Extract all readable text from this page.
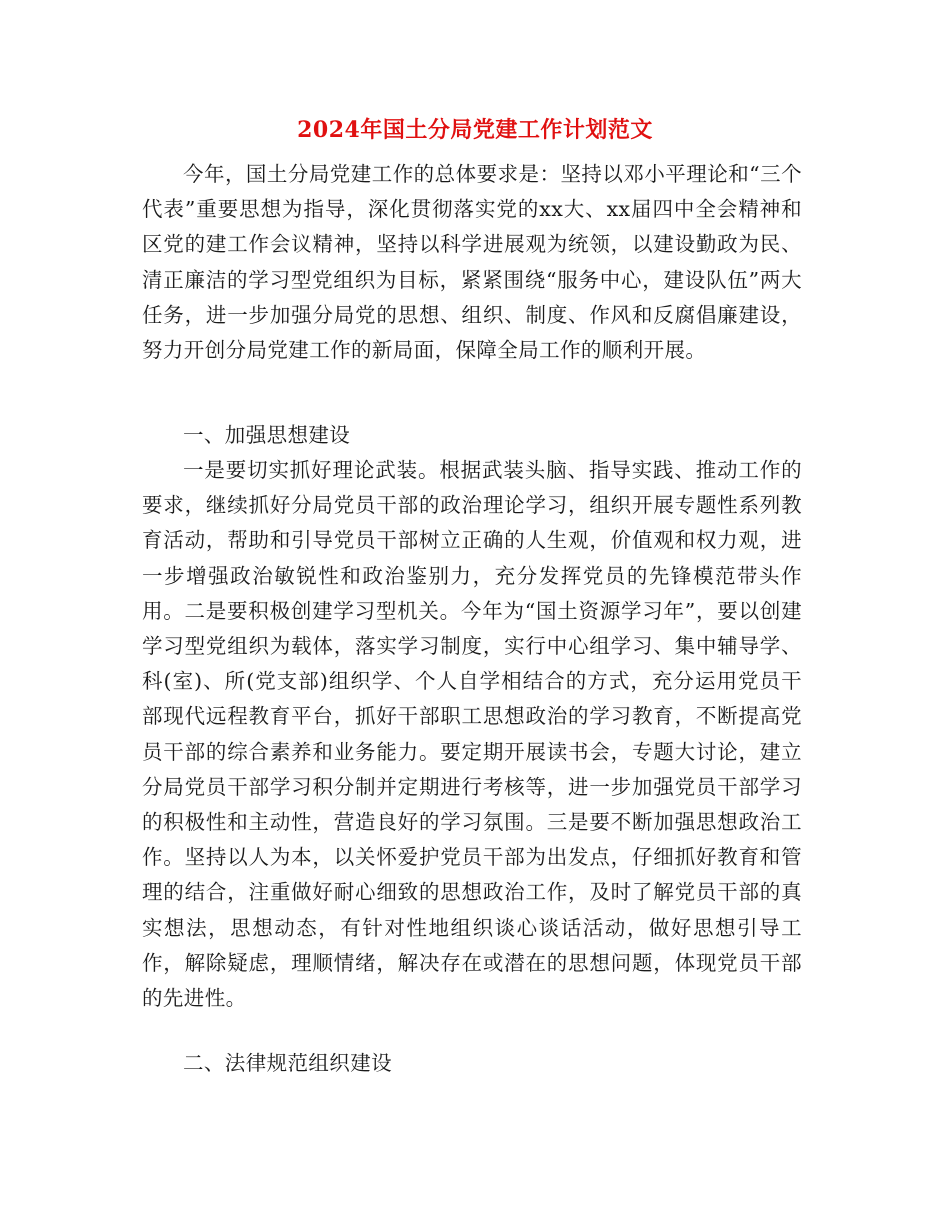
2024年国土分局党建工作计划范文

今年，国土分局党建工作的总体要求是：坚持以邓小平理论和“三个代表”重要思想为指导，深化贯彻落实党的xx大、xx届四中全会精神和区党的建工作会议精神，坚持以科学进展观为统领，以建设勤政为民、清正廉洁的学习型党组织为目标，紧紧围绕“服务中心，建设队伍”两大任务，进一步加强分局党的思想、组织、制度、作风和反腐倡廉建设，努力开创分局党建工作的新局面，保障全局工作的顺利开展。

一、加强思想建设

一是要切实抓好理论武装。根据武装头脑、指导实践、推动工作的要求，继续抓好分局党员干部的政治理论学习，组织开展专题性系列教育活动，帮助和引导党员干部树立正确的人生观，价值观和权力观，进一步增强政治敏锐性和政治鉴别力，充分发挥党员的先锋模范带头作用。二是要积极创建学习型机关。今年为“国土资源学习年”，要以创建学习型党组织为载体，落实学习制度，实行中心组学习、集中辅导学、科(室)、所(党支部)组织学、个人自学相结合的方式，充分运用党员干部现代远程教育平台，抓好干部职工思想政治的学习教育，不断提高党员干部的综合素养和业务能力。要定期开展读书会，专题大讨论，建立分局党员干部学习积分制并定期进行考核等，进一步加强党员干部学习的积极性和主动性，营造良好的学习氛围。三是要不断加强思想政治工作。坚持以人为本，以关怀爱护党员干部为出发点，仔细抓好教育和管理的结合，注重做好耐心细致的思想政治工作，及时了解党员干部的真实想法，思想动态，有针对性地组织谈心谈话活动，做好思想引导工作，解除疑虑，理顺情绪，解决存在或潜在的思想问题，体现党员干部的先进性。

二、法律规范组织建设
